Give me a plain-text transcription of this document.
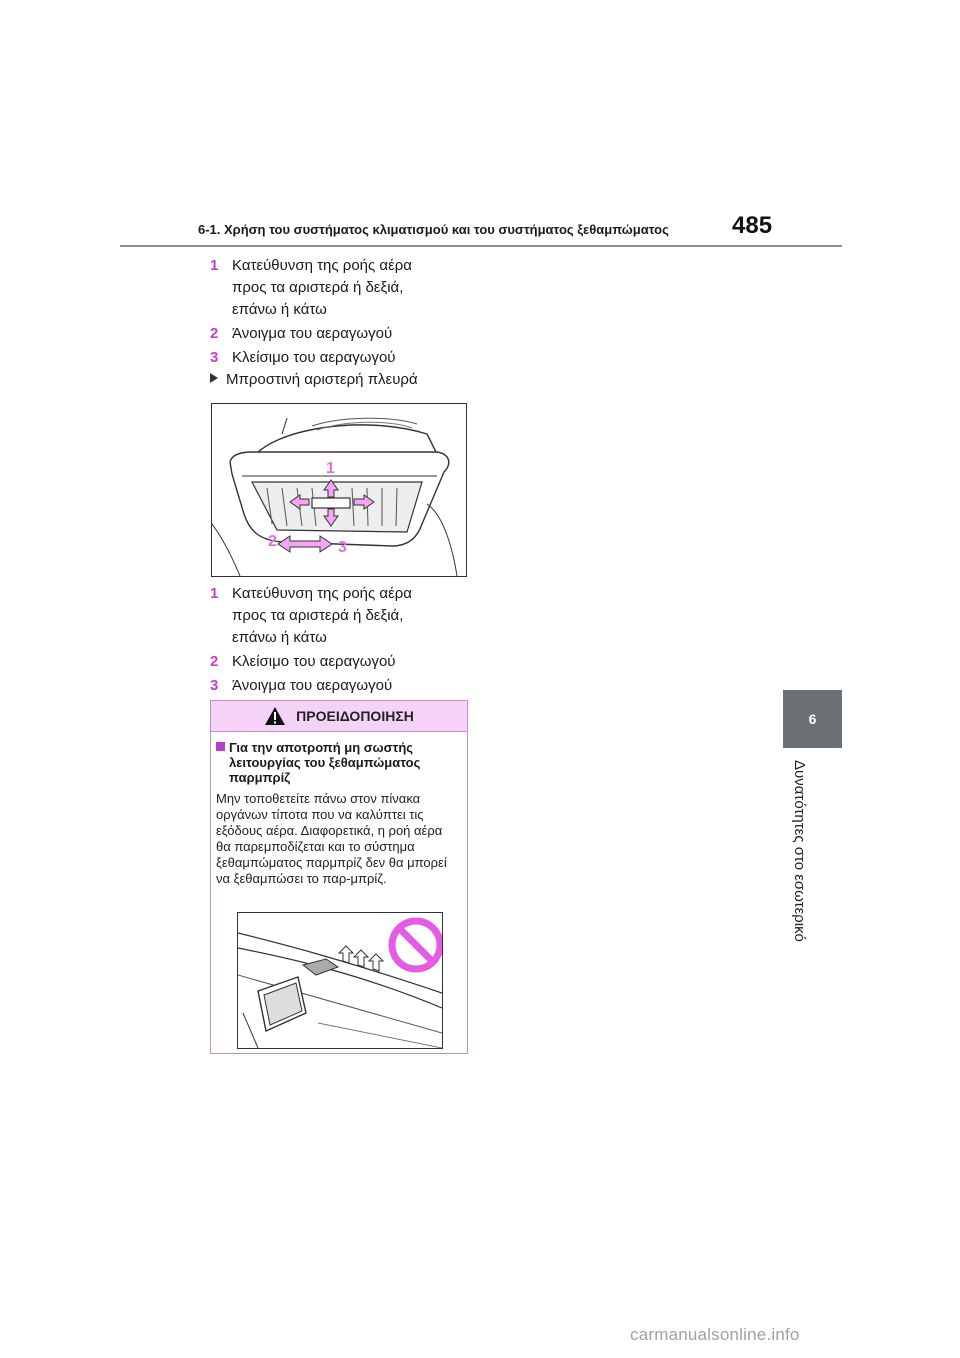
6-1. Χρήση του συστήματος κλιματισμού και του συστήματος ξεθαμπώματος	485
6
Δυνατότητες στο εσωτερικό
1 Κατεύθυνση της ροής αέρα προς τα αριστερά ή δεξιά, επάνω ή κάτω
2 Άνοιγμα του αεραγωγού
3 Κλείσιμο του αεραγωγού
Μπροστινή αριστερή πλευρά
1
2	3
1 Κατεύθυνση της ροής αέρα προς τα αριστερά ή δεξιά, επάνω ή κάτω
2 Κλείσιμο του αεραγωγού
3 Άνοιγμα του αεραγωγού
ΠΡΟΕΙΔΟΠΟΙΗΣΗ
Για την αποτροπή μη σωστής λειτουργίας του ξεθαμπώματος παρμπρίζ
Μην τοποθετείτε πάνω στον πίνακα οργάνων τίποτα που να καλύπτει τις εξόδους αέρα. Διαφορετικά, η ροή αέρα θα παρεμποδίζεται και το σύστημα ξεθαμπώματος παρμπρίζ δεν θα μπορεί να ξεθαμπώσει το παρ-μπρίζ.
carmanualsonline.info
